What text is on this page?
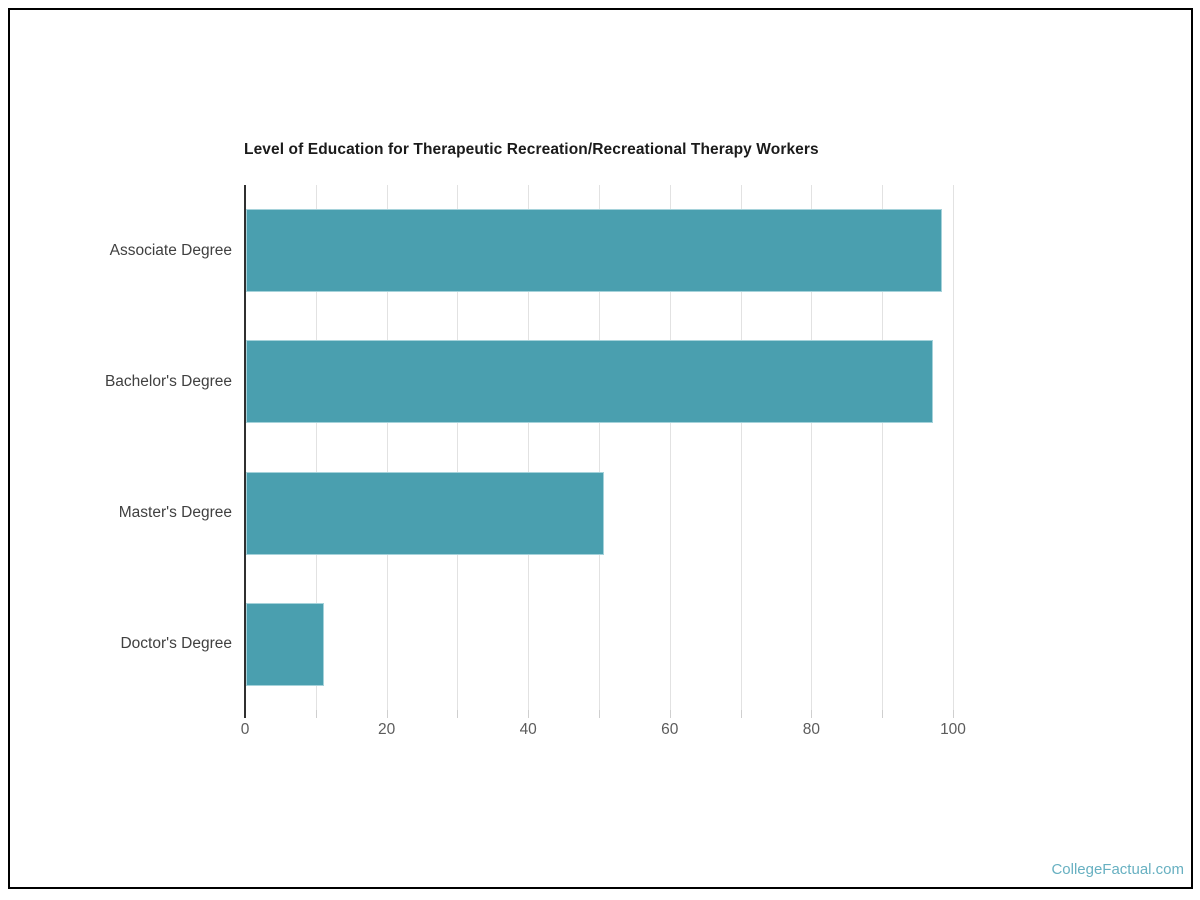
Level of Education for Therapeutic Recreation/Recreational Therapy Workers
Associate Degree
Bachelor's Degree
Master's Degree
Doctor's Degree
0	20	40	60	80	100
CollegeFactual.com
